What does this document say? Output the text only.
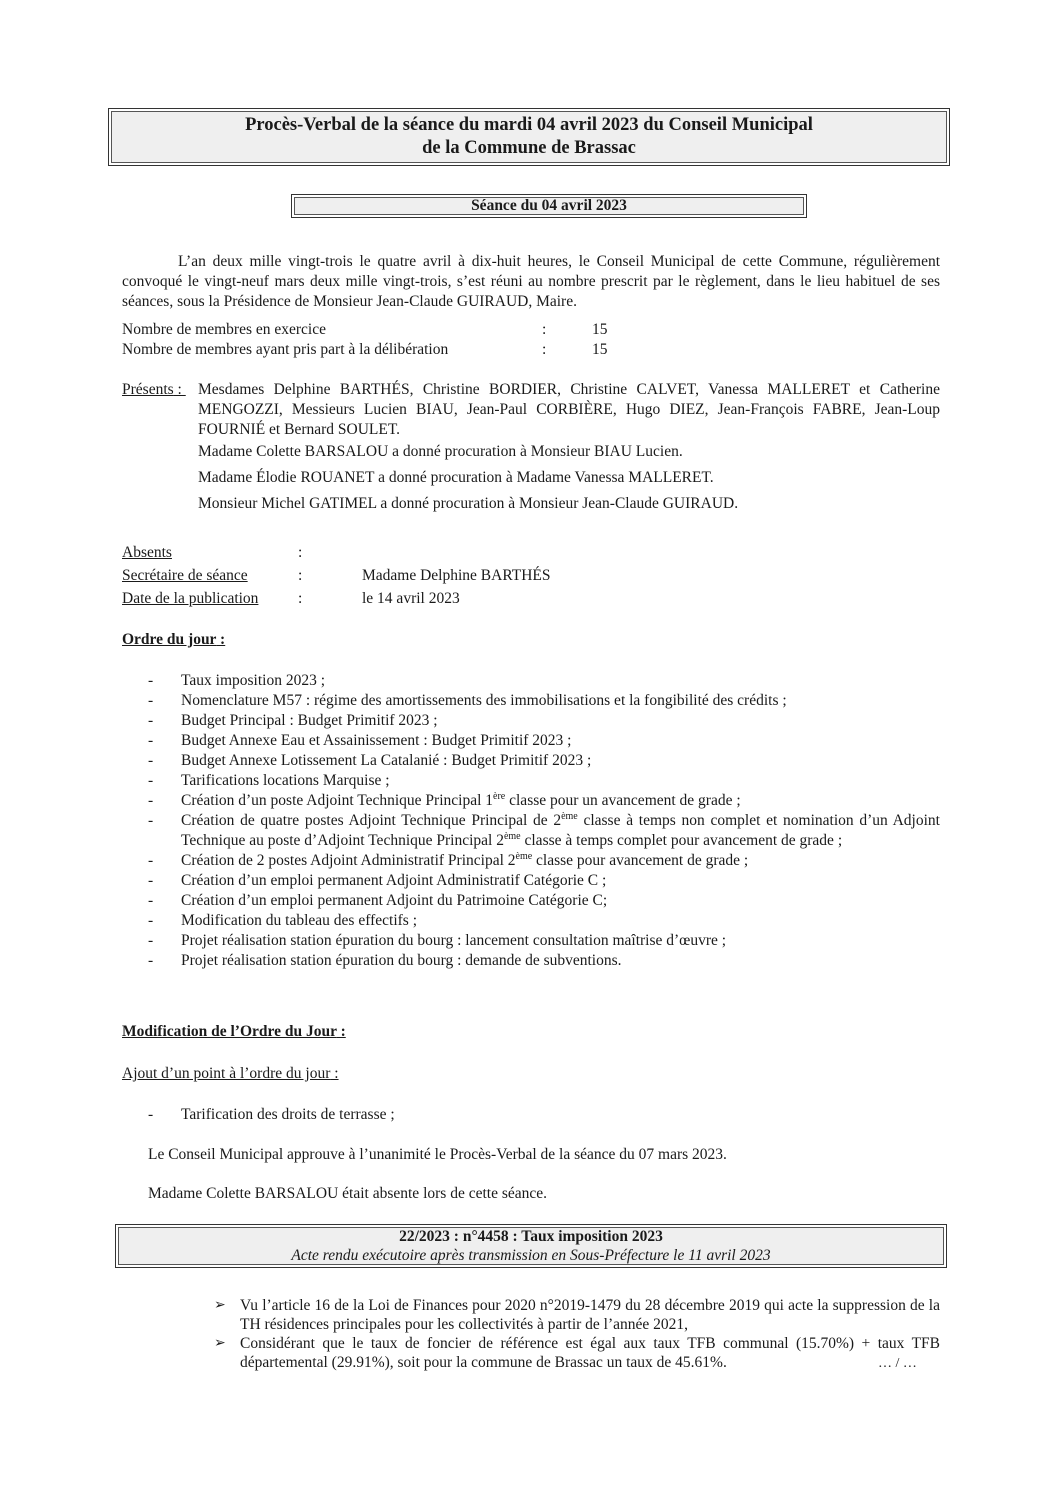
Procès-Verbal de la séance du mardi 04 avril 2023 du Conseil Municipal
de la Commune de Brassac
Séance du 04 avril 2023

L’an deux mille vingt-trois le quatre avril à dix-huit heures, le Conseil Municipal de cette Commune, régulièrement convoqué le vingt-neuf mars deux mille vingt-trois, s’est réuni au nombre prescrit par le règlement, dans le lieu habituel de ses séances, sous la Présidence de Monsieur Jean-Claude GUIRAUD, Maire.

Nombre de membres en exercice	:	15
Nombre de membres ayant pris part à la délibération	:	15
Présents : Mesdames Delphine BARTHÉS, Christine BORDIER, Christine CALVET, Vanessa MALLERET et Catherine MENGOZZI, Messieurs Lucien BIAU, Jean-Paul CORBIÈRE, Hugo DIEZ, Jean-François FABRE, Jean-Loup FOURNIÉ et Bernard SOULET.
Madame Colette BARSALOU a donné procuration à Monsieur BIAU Lucien.
Madame Élodie ROUANET a donné procuration à Madame Vanessa MALLERET.
Monsieur Michel GATIMEL a donné procuration à Monsieur Jean-Claude GUIRAUD.
Absents	:
Secrétaire de séance	:	Madame Delphine BARTHÉS
Date de la publication	:	le 14 avril 2023
Ordre du jour :
-	Taux imposition 2023 ;
-	Nomenclature M57 : régime des amortissements des immobilisations et la fongibilité des crédits ;
-	Budget Principal : Budget Primitif 2023 ;
-	Budget Annexe Eau et Assainissement : Budget Primitif 2023 ;
-	Budget Annexe Lotissement La Catalanié : Budget Primitif 2023 ;
-	Tarifications locations Marquise ;
-	Création d’un poste Adjoint Technique Principal 1ère classe pour un avancement de grade ;
-	Création de quatre postes Adjoint Technique Principal de 2ème classe à temps non complet et nomination d’un Adjoint Technique au poste d’Adjoint Technique Principal 2ème classe à temps complet pour avancement de grade ;
-	Création de 2 postes Adjoint Administratif Principal 2ème classe pour avancement de grade ;
-	Création d’un emploi permanent Adjoint Administratif Catégorie C ;
-	Création d’un emploi permanent Adjoint du Patrimoine Catégorie C;
-	Modification du tableau des effectifs ;
-	Projet réalisation station épuration du bourg : lancement consultation maîtrise d’œuvre ;
-	Projet réalisation station épuration du bourg : demande de subventions.
Modification de l’Ordre du Jour :
Ajout d’un point à l’ordre du jour :
-	Tarification des droits de terrasse ;
Le Conseil Municipal approuve à l’unanimité le Procès-Verbal de la séance du 07 mars 2023.
Madame Colette BARSALOU était absente lors de cette séance.
22/2023 : n°4458 : Taux imposition 2023
Acte rendu exécutoire après transmission en Sous-Préfecture le 11 avril 2023
➢ Vu l’article 16 de la Loi de Finances pour 2020 n°2019-1479 du 28 décembre 2019 qui acte la suppression de la TH résidences principales pour les collectivités à partir de l’année 2021,
➢ Considérant que le taux de foncier de référence est égal aux taux TFB communal (15.70%) + taux TFB départemental (29.91%), soit pour la commune de Brassac un taux de 45.61%.	… / …
